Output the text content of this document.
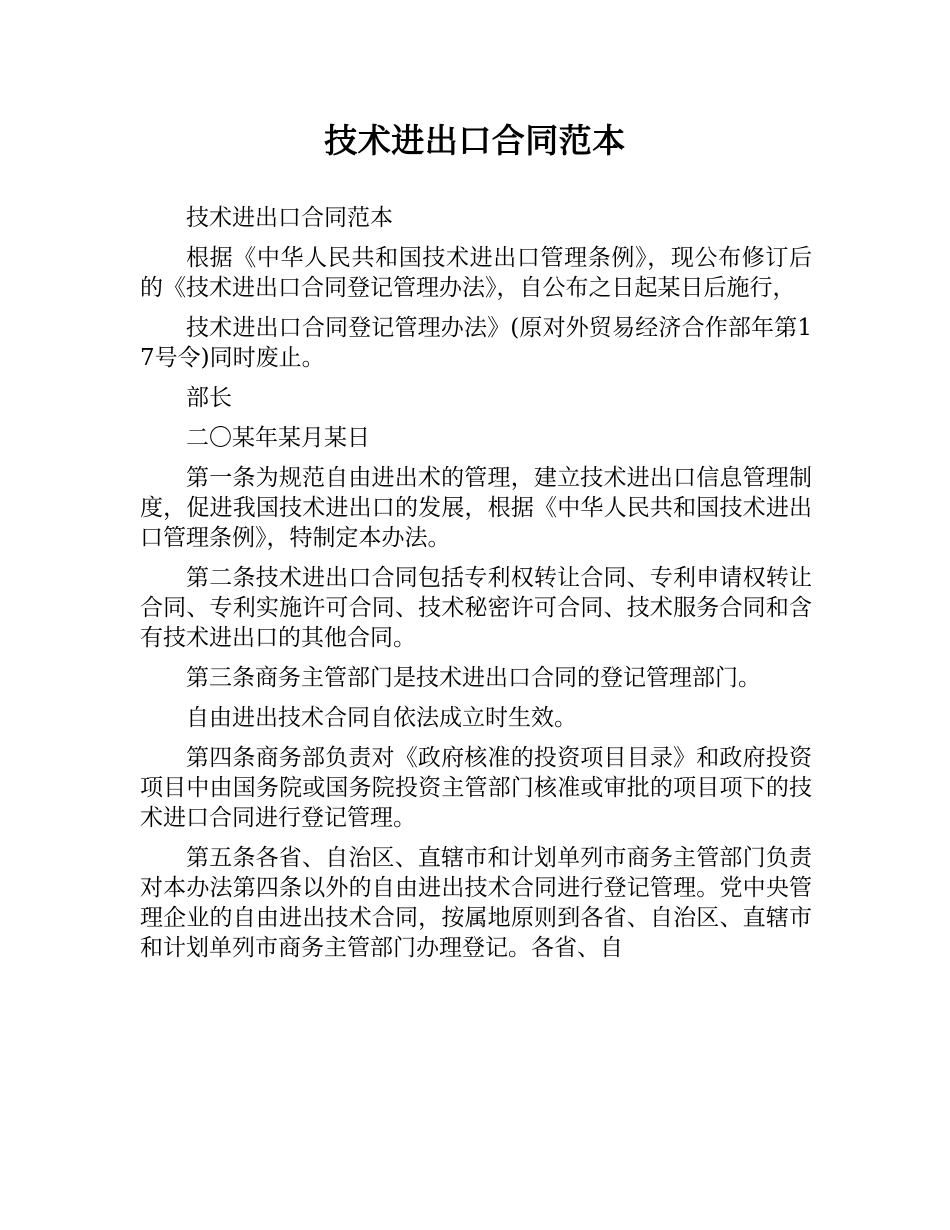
技术进出口合同范本

技术进出口合同范本

根据《中华人民共和国技术进出口管理条例》，现公布修订后的《技术进出口合同登记管理办法》，自公布之日起某日后施行，

技术进出口合同登记管理办法》(原对外贸易经济合作部年第17号令)同时废止。

部长

二〇某年某月某日

第一条为规范自由进出术的管理，建立技术进出口信息管理制度，促进我国技术进出口的发展，根据《中华人民共和国技术进出口管理条例》，特制定本办法。

第二条技术进出口合同包括专利权转让合同、专利申请权转让合同、专利实施许可合同、技术秘密许可合同、技术服务合同和含有技术进出口的其他合同。

第三条商务主管部门是技术进出口合同的登记管理部门。

自由进出技术合同自依法成立时生效。

第四条商务部负责对《政府核准的投资项目目录》和政府投资项目中由国务院或国务院投资主管部门核准或审批的项目项下的技术进口合同进行登记管理。

第五条各省、自治区、直辖市和计划单列市商务主管部门负责对本办法第四条以外的自由进出技术合同进行登记管理。党中央管理企业的自由进出技术合同，按属地原则到各省、自治区、直辖市和计划单列市商务主管部门办理登记。各省、自
